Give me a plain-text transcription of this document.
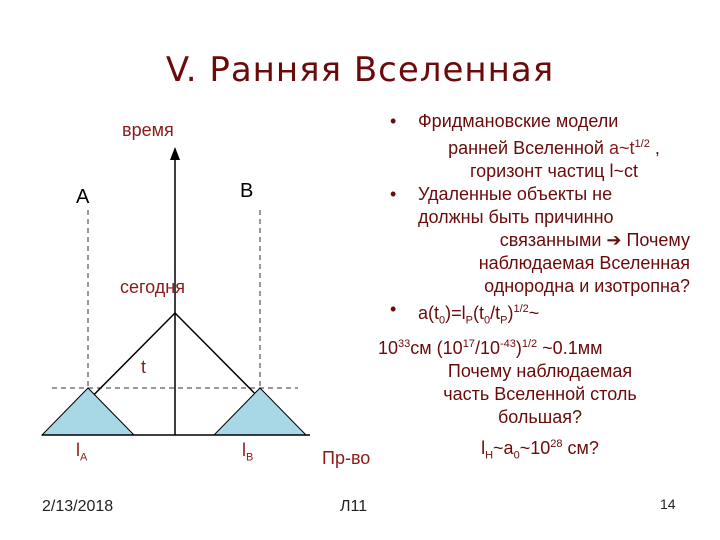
V. Ранняя Вселенная
время
A	B
сегодня
t
$l_A$	$l_B$	Пр-во
• Фридмановские модели
ранней Вселенной $a\sim t^{1/2}$ ,
горизонт частиц l~ct
• Удаленные объекты не
должны быть причинно
связанными ➔ Почему
наблюдаемая Вселенная
однородна и изотропна?
• $a(t_0)=l_P(t_0/t_P)^{1/2}\sim$
$10^{33}см$ $(10^{17}/10^{-43})^{1/2}$ ~0.1мм
Почему наблюдаемая
часть Вселенной столь
большая?
$l_H\sim a_0\sim 10^{28}$ см?
2/13/2018	Л11	14
